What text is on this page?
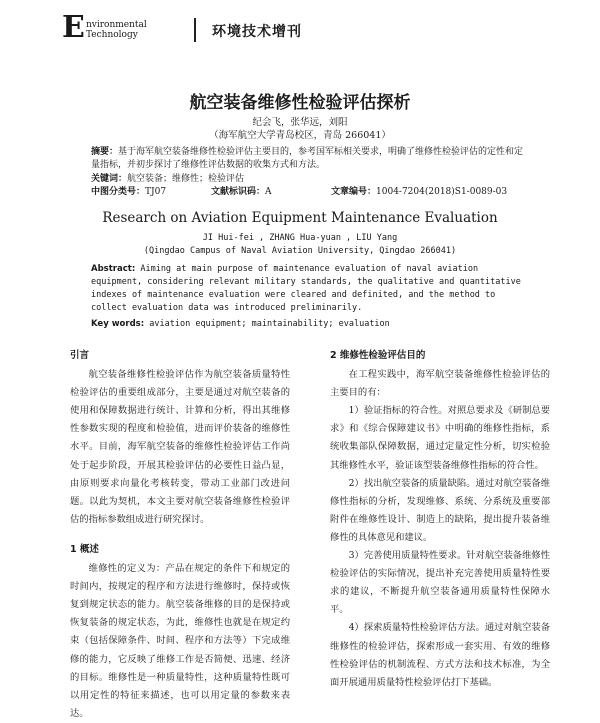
E nvironmental
Technology	环境技术增刊
航空装备维修性检验评估探析
纪会飞，张华远，刘阳
（海军航空大学青岛校区，青岛 266041）
摘要：基于海军航空装备维修性检验评估主要目的，参考国军标相关要求，明确了维修性检验评估的定性和定量指标，并初步探讨了维修性评估数据的收集方式和方法。
关键词：航空装备；维修性；检验评估
中图分类号：TJ07	文献标识码：A	文章编号：1004-7204(2018)S1-0089-03
Research on Aviation Equipment Maintenance Evaluation
JI Hui-fei , ZHANG Hua-yuan , LIU Yang
(Qingdao Campus of Naval Aviation University, Qingdao 266041)
Abstract: Aiming at main purpose of maintenance evaluation of naval aviation equipment, considering relevant military standards, the qualitative and quantitative indexes of maintenance evaluation were cleared and definited, and the method to collect evaluation data was introduced preliminarily.
Key words: aviation equipment; maintainability; evaluation
引言

航空装备维修性检验评估作为航空装备质量特性检验评估的重要组成部分，主要是通过对航空装备的使用和保障数据进行统计、计算和分析，得出其维修性参数实现的程度和检验值，进而评价装备的维修性水平。目前，海军航空装备的维修性检验评估工作尚处于起步阶段，开展其检验评估的必要性日益凸显，由原则要求向量化考核转变，带动工业部门改进问题。以此为契机，本文主要对航空装备维修性检验评估的指标参数组成进行研究探讨。

1 概述

维修性的定义为：产品在规定的条件下和规定的时间内，按规定的程序和方法进行维修时，保持或恢复到规定状态的能力。航空装备维修的目的是保持或恢复装备的规定状态，为此，维修性也就是在规定约束（包括保障条件、时间、程序和方法等）下完成维修的能力，它反映了维修工作是否简便、迅速、经济的目标。维修性是一种质量特性，这种质量特性既可以用定性的特征来描述，也可以用定量的参数来表达。

2 维修性检验评估目的

在工程实践中，海军航空装备维修性检验评估的主要目的有：

1）验证指标的符合性。对照总要求及《研制总要求》和《综合保障建议书》中明确的维修性指标，系统收集部队保障数据，通过定量定性分析，切实检验其维修性水平，验证该型装备维修性指标的符合性。

2）找出航空装备的质量缺陷。通过对航空装备维修性指标的分析，发现维修、系统、分系统及重要部附件在维修性设计、制造上的缺陷，提出提升装备维修性的具体意见和建议。

3）完善使用质量特性要求。针对航空装备维修性检验评估的实际情况，提出补充完善使用质量特性要求的建议，不断提升航空装备通用质量特性保障水平。

4）探索质量特性检验评估方法。通过对航空装备维修性的检验评估，探索形成一套实用、有效的维修性检验评估的机制流程、方式方法和技术标准，为全面开展通用质量特性检验评估打下基础。
